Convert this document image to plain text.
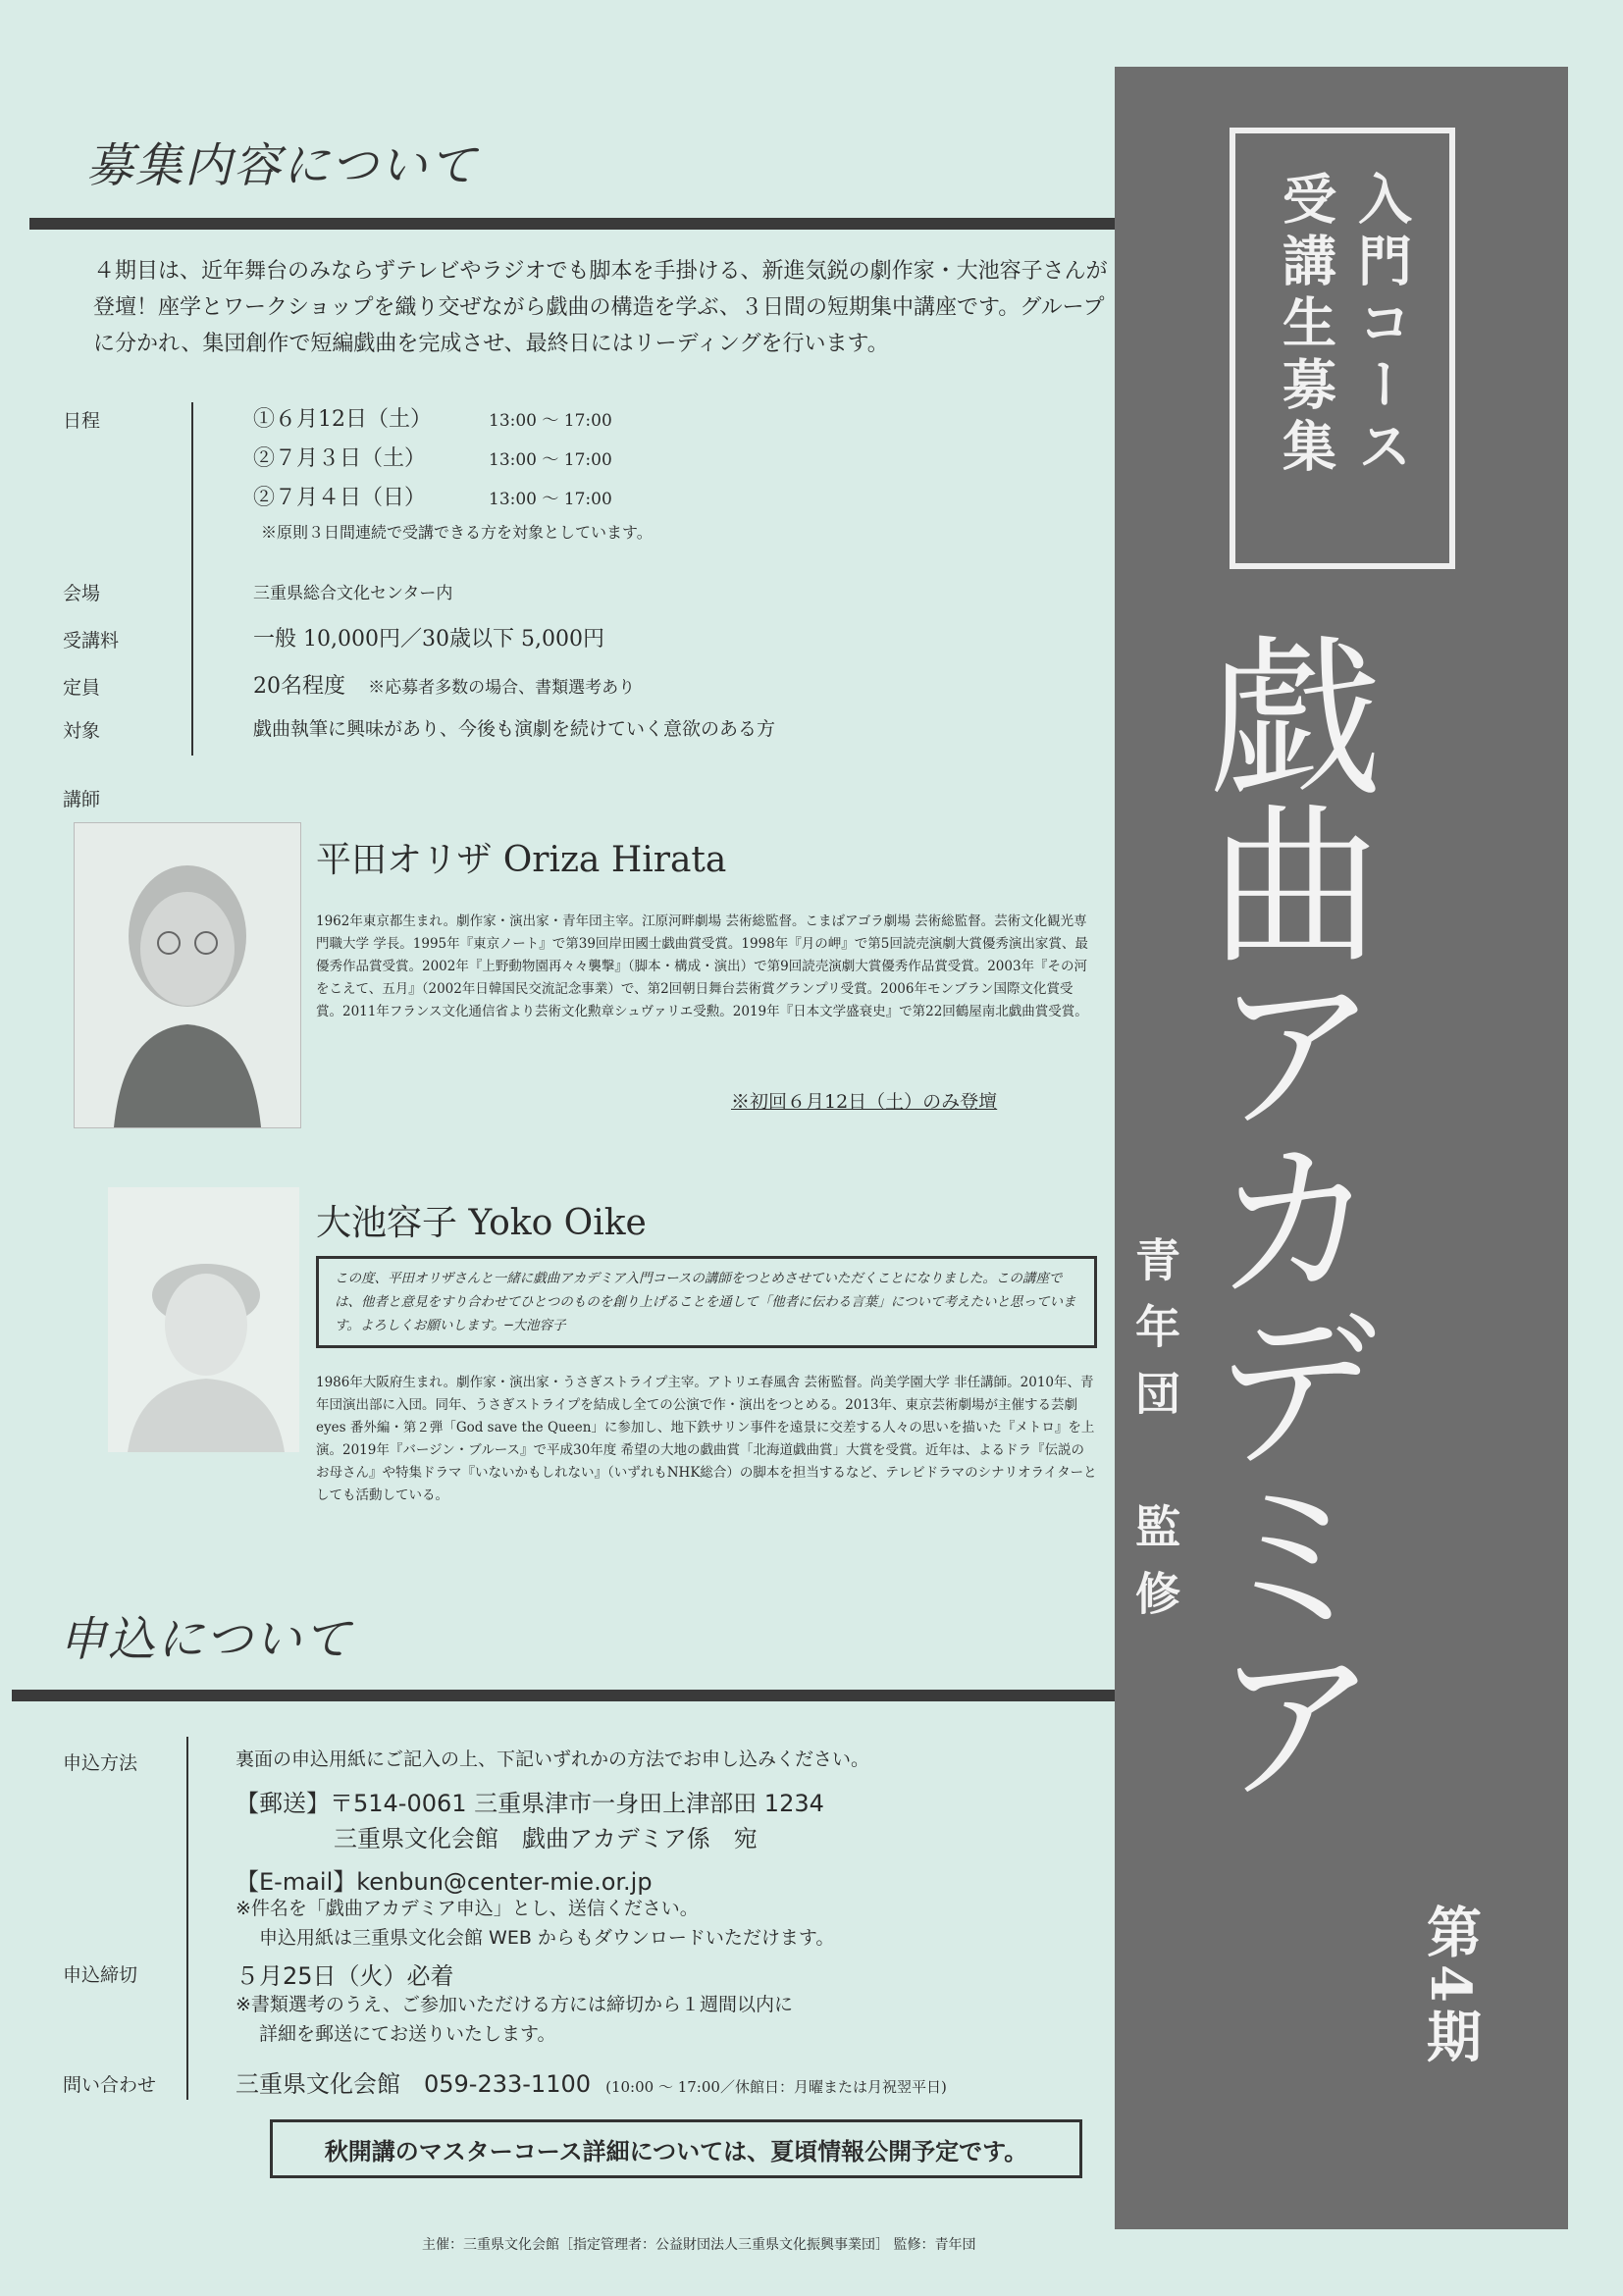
募集内容について
４期目は、近年舞台のみならずテレビやラジオでも脚本を手掛ける、新進気鋭の劇作家・大池容子さんが登壇！座学とワークショップを織り交ぜながら戯曲の構造を学ぶ、３日間の短期集中講座です。グループに分かれ、集団創作で短編戯曲を完成させ、最終日にはリーディングを行います。
日程	①６月12日（土）	13:00 ～ 17:00
②７月３日（土）	13:00 ～ 17:00
②７月４日（日）	13:00 ～ 17:00
※原則３日間連続で受講できる方を対象としています。
会場	三重県総合文化センター内
受講料	一般 10,000円／30歳以下 5,000円
定員	20名程度 ※応募者多数の場合、書類選考あり
対象	戯曲執筆に興味があり、今後も演劇を続けていく意欲のある方
講師
平田オリザ Oriza Hirata
1962年東京都生まれ。劇作家・演出家・青年団主宰。江原河畔劇場 芸術総監督。こまばアゴラ劇場 芸術総監督。芸術文化観光専門職大学 学長。1995年『東京ノート』で第39回岸田國士戯曲賞受賞。1998年『月の岬』で第5回読売演劇大賞優秀演出家賞、最優秀作品賞受賞。2002年『上野動物園再々々襲撃』（脚本・構成・演出）で第9回読売演劇大賞優秀作品賞受賞。2003年『その河をこえて、五月』（2002年日韓国民交流記念事業）で、第2回朝日舞台芸術賞グランプリ受賞。2006年モンブラン国際文化賞受賞。2011年フランス文化通信省より芸術文化勲章シュヴァリエ受勲。2019年『日本文学盛衰史』で第22回鶴屋南北戯曲賞受賞。
※初回６月12日（土）のみ登壇
大池容子 Yoko Oike
この度、平田オリザさんと一緒に戯曲アカデミア入門コースの講師をつとめさせていただくことになりました。この講座では、他者と意見をすり合わせてひとつのものを創り上げることを通して「他者に伝わる言葉」について考えたいと思っています。よろしくお願いします。─大池容子
1986年大阪府生まれ。劇作家・演出家・うさぎストライプ主宰。アトリエ春風舎 芸術監督。尚美学園大学 非任講師。2010年、青年団演出部に入団。同年、うさぎストライプを結成し全ての公演で作・演出をつとめる。2013年、東京芸術劇場が主催する芸劇 eyes 番外編・第２弾「God save the Queen」に参加し、地下鉄サリン事件を遠景に交差する人々の思いを描いた『メトロ』を上演。2019年『バージン・ブルース』で平成30年度 希望の大地の戯曲賞「北海道戯曲賞」大賞を受賞。近年は、よるドラ『伝説のお母さん』や特集ドラマ『いないかもしれない』（いずれもNHK総合）の脚本を担当するなど、テレビドラマのシナリオライターとしても活動している。
申込について
申込方法	裏面の申込用紙にご記入の上、下記いずれかの方法でお申し込みください。
【郵送】〒514-0061 三重県津市一身田上津部田 1234
三重県文化会館　戯曲アカデミア係　宛
【E-mail】kenbun@center-mie.or.jp
※件名を「戯曲アカデミア申込」とし、送信ください。
申込用紙は三重県文化会館 WEB からもダウンロードいただけます。
申込締切	５月25日（火）必着
※書類選考のうえ、ご参加いただける方には締切から１週間以内に
詳細を郵送にてお送りいたします。
問い合わせ	三重県文化会館　059-233-1100 (10:00 ～ 17:00／休館日：月曜または月祝翌平日)
秋開講のマスターコース詳細については、夏頃情報公開予定です。
主催：三重県文化会館［指定管理者：公益財団法人三重県文化振興事業団］ 監修：青年団
入門コース
受講生募集
戯曲アカデミア
青年団　監修
第4期
